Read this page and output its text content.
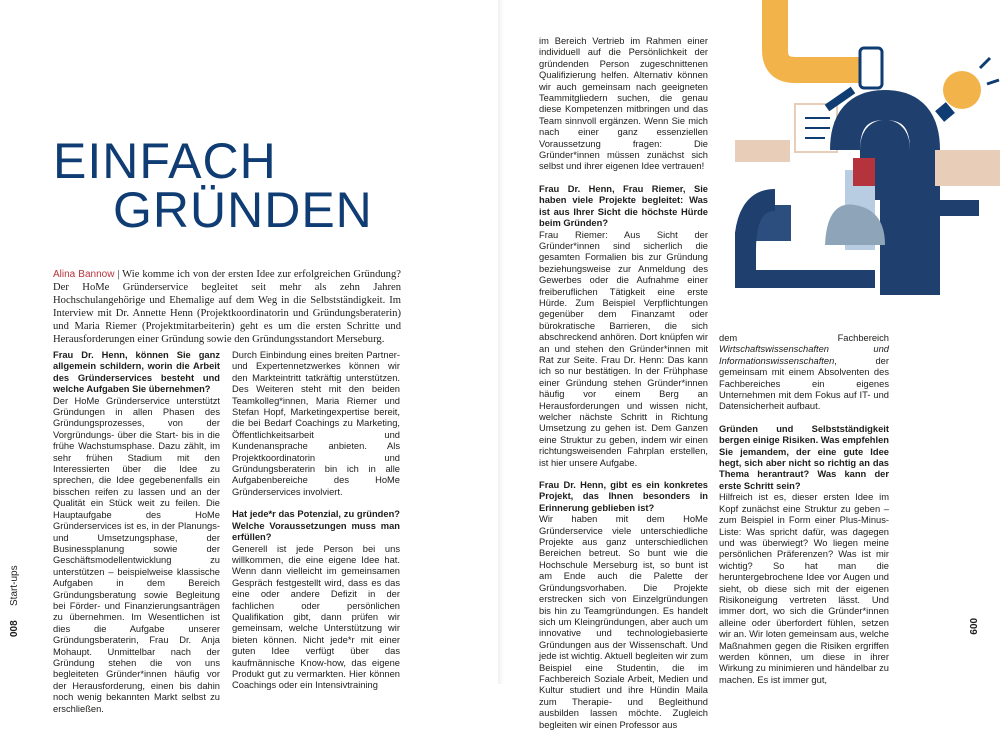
EINFACH
GRÜNDEN

Alina Bannow | Wie komme ich von der ersten Idee zur erfolgreichen Gründung? Der HoMe Gründerservice begleitet seit mehr als zehn Jahren Hochschulangehörige und Ehemalige auf dem Weg in die Selbstständigkeit. Im Interview mit Dr. Annette Henn (Projektkoordinatorin und Gründungsberaterin) und Maria Riemer (Projektmitarbeiterin) geht es um die ersten Schritte und Herausforderungen einer Gründung sowie den Gründungsstandort Merseburg.

Frau Dr. Henn, können Sie ganz allgemein schildern, worin die Arbeit des Gründerservices besteht und welche Aufgaben Sie übernehmen?

Der HoMe Gründerservice unterstützt Gründungen in allen Phasen des Gründungsprozesses, von der Vorgründungs- über die Start- bis in die frühe Wachstumsphase. Dazu zählt, im sehr frühen Stadium mit den Interessierten über die Idee zu sprechen, die Idee gegebenenfalls ein bisschen reifen zu lassen und an der Qualität ein Stück weit zu feilen. Die Hauptaufgabe des HoMe Gründerservices ist es, in der Planungs- und Umsetzungsphase, der Businessplanung sowie der Geschäftsmodellentwicklung zu unterstützen – beispielweise klassische Aufgaben in dem Bereich Gründungsberatung sowie Begleitung bei Förder- und Finanzierungsanträgen zu übernehmen. Im Wesentlichen ist dies die Aufgabe unserer Gründungsberaterin, Frau Dr. Anja Mohaupt. Unmittelbar nach der Gründung stehen die von uns begleiteten Gründer*innen häufig vor der Herausforderung, einen bis dahin noch wenig bekannten Markt selbst zu erschließen.

Durch Einbindung eines breiten Partner- und Expertennetzwerkes können wir den Markteintritt tatkräftig unterstützen. Des Weiteren steht mit den beiden Teamkolleg*innen, Maria Riemer und Stefan Hopf, Marketingexpertise bereit, die bei Bedarf Coachings zu Marketing, Öffentlichkeitsarbeit und Kundenansprache anbieten. Als Projektkoordinatorin und Gründungsberaterin bin ich in alle Aufgabenbereiche des HoMe Gründerservices involviert.

Hat jede*r das Potenzial, zu gründen? Welche Voraussetzungen muss man erfüllen?

Generell ist jede Person bei uns willkommen, die eine eigene Idee hat. Wenn dann vielleicht im gemeinsamen Gespräch festgestellt wird, dass es das eine oder andere Defizit in der fachlichen oder persönlichen Qualifikation gibt, dann prüfen wir gemeinsam, welche Unterstützung wir bieten können. Nicht jede*r mit einer guten Idee verfügt über das kaufmännische Know-how, das eigene Produkt gut zu vermarkten. Hier können Coachings oder ein Intensivtraining

im Bereich Vertrieb im Rahmen einer individuell auf die Persönlichkeit der gründenden Person zugeschnittenen Qualifizierung helfen. Alternativ können wir auch gemeinsam nach geeigneten Teammitgliedern suchen, die genau diese Kompetenzen mitbringen und das Team sinnvoll ergänzen. Wenn Sie mich nach einer ganz essenziellen Voraussetzung fragen: Die Gründer*innen müssen zunächst sich selbst und ihrer eigenen Idee vertrauen!

Frau Dr. Henn, Frau Riemer, Sie haben viele Projekte begleitet: Was ist aus Ihrer Sicht die höchste Hürde beim Gründen?

Frau Riemer: Aus Sicht der Gründer*innen sind sicherlich die gesamten Formalien bis zur Gründung beziehungsweise zur Anmeldung des Gewerbes oder die Aufnahme einer freiberuflichen Tätigkeit eine erste Hürde. Zum Beispiel Verpflichtungen gegenüber dem Finanzamt oder bürokratische Barrieren, die sich abschreckend anhören. Dort knüpfen wir an und stehen den Gründer*innen mit Rat zur Seite. Frau Dr. Henn: Das kann ich so nur bestätigen. In der Frühphase einer Gründung stehen Gründer*innen häufig vor einem Berg an Herausforderungen und wissen nicht, welcher nächste Schritt in Richtung Umsetzung zu gehen ist. Dem Ganzen eine Struktur zu geben, indem wir einen richtungsweisenden Fahrplan erstellen, ist hier unsere Aufgabe.

Frau Dr. Henn, gibt es ein konkretes Projekt, das Ihnen besonders in Erinnerung geblieben ist?

Wir haben mit dem HoMe Gründerservice viele unterschiedliche Projekte aus ganz unterschiedlichen Bereichen betreut. So bunt wie die Hochschule Merseburg ist, so bunt ist am Ende auch die Palette der Gründungsvorhaben. Die Projekte erstrecken sich von Einzelgründungen bis hin zu Teamgründungen. Es handelt sich um Kleingründungen, aber auch um innovative und technologiebasierte Gründungen aus der Wissenschaft. Und jede ist wichtig. Aktuell begleiten wir zum Beispiel eine Studentin, die im Fachbereich Soziale Arbeit, Medien und Kultur studiert und ihre Hündin Maila zum Therapie- und Begleithund ausbilden lassen möchte. Zugleich begleiten wir einen Professor aus

dem Fachbereich Wirtschaftswissenschaften und Informationswissenschaften, der gemeinsam mit einem Absolventen des Fachbereiches ein eigenes Unternehmen mit dem Fokus auf IT- und Datensicherheit aufbaut.

Gründen und Selbstständigkeit bergen einige Risiken. Was empfehlen Sie jemandem, der eine gute Idee hegt, sich aber nicht so richtig an das Thema herantraut? Was kann der erste Schritt sein?

Hilfreich ist es, dieser ersten Idee im Kopf zunächst eine Struktur zu geben – zum Beispiel in Form einer Plus-Minus-Liste: Was spricht dafür, was dagegen und was überwiegt? Wo liegen meine persönlichen Präferenzen? Was ist mir wichtig? So hat man die heruntergebrochene Idee vor Augen und sieht, ob diese sich mit der eigenen Risikoneigung vertreten lässt. Und immer dort, wo sich die Gründer*innen alleine oder überfordert fühlen, setzen wir an. Wir loten gemeinsam aus, welche Maßnahmen gegen die Risiken ergriffen werden können, um diese in ihrer Wirkung zu minimieren und händelbar zu machen. Es ist immer gut,

008
Start-ups
009
